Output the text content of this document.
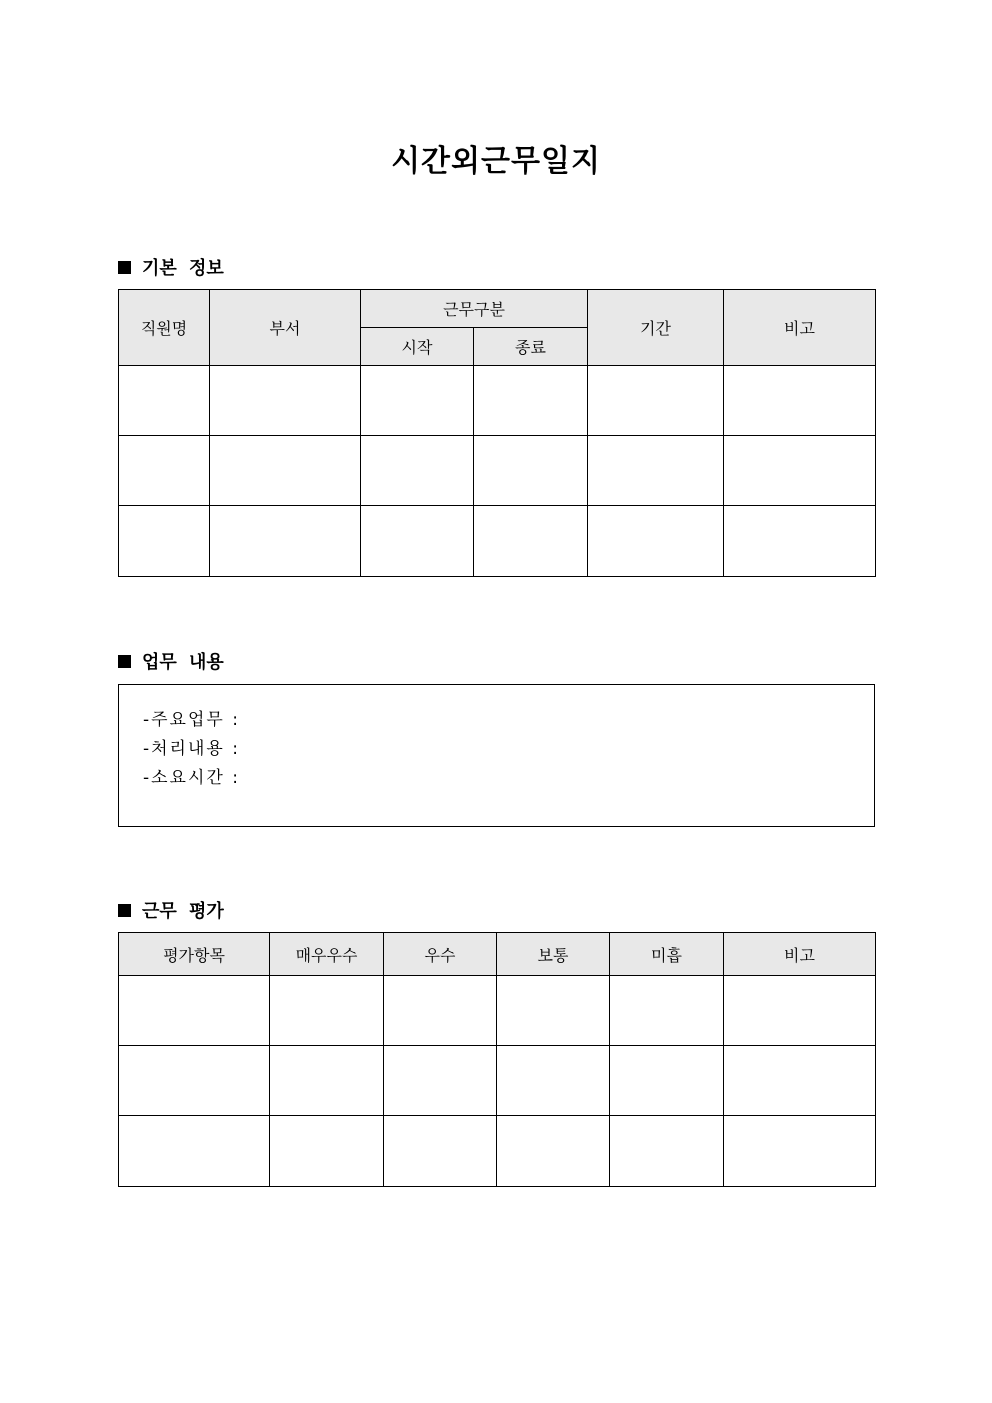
시간외근무일지
기본 정보
직원명	부서	근무구분		기간	비고
		시작	종료		

업무 내용
-주요업무 :
-처리내용 :
-소요시간 :
근무 평가
평가항목	매우우수	우수	보통	미흡	비고
